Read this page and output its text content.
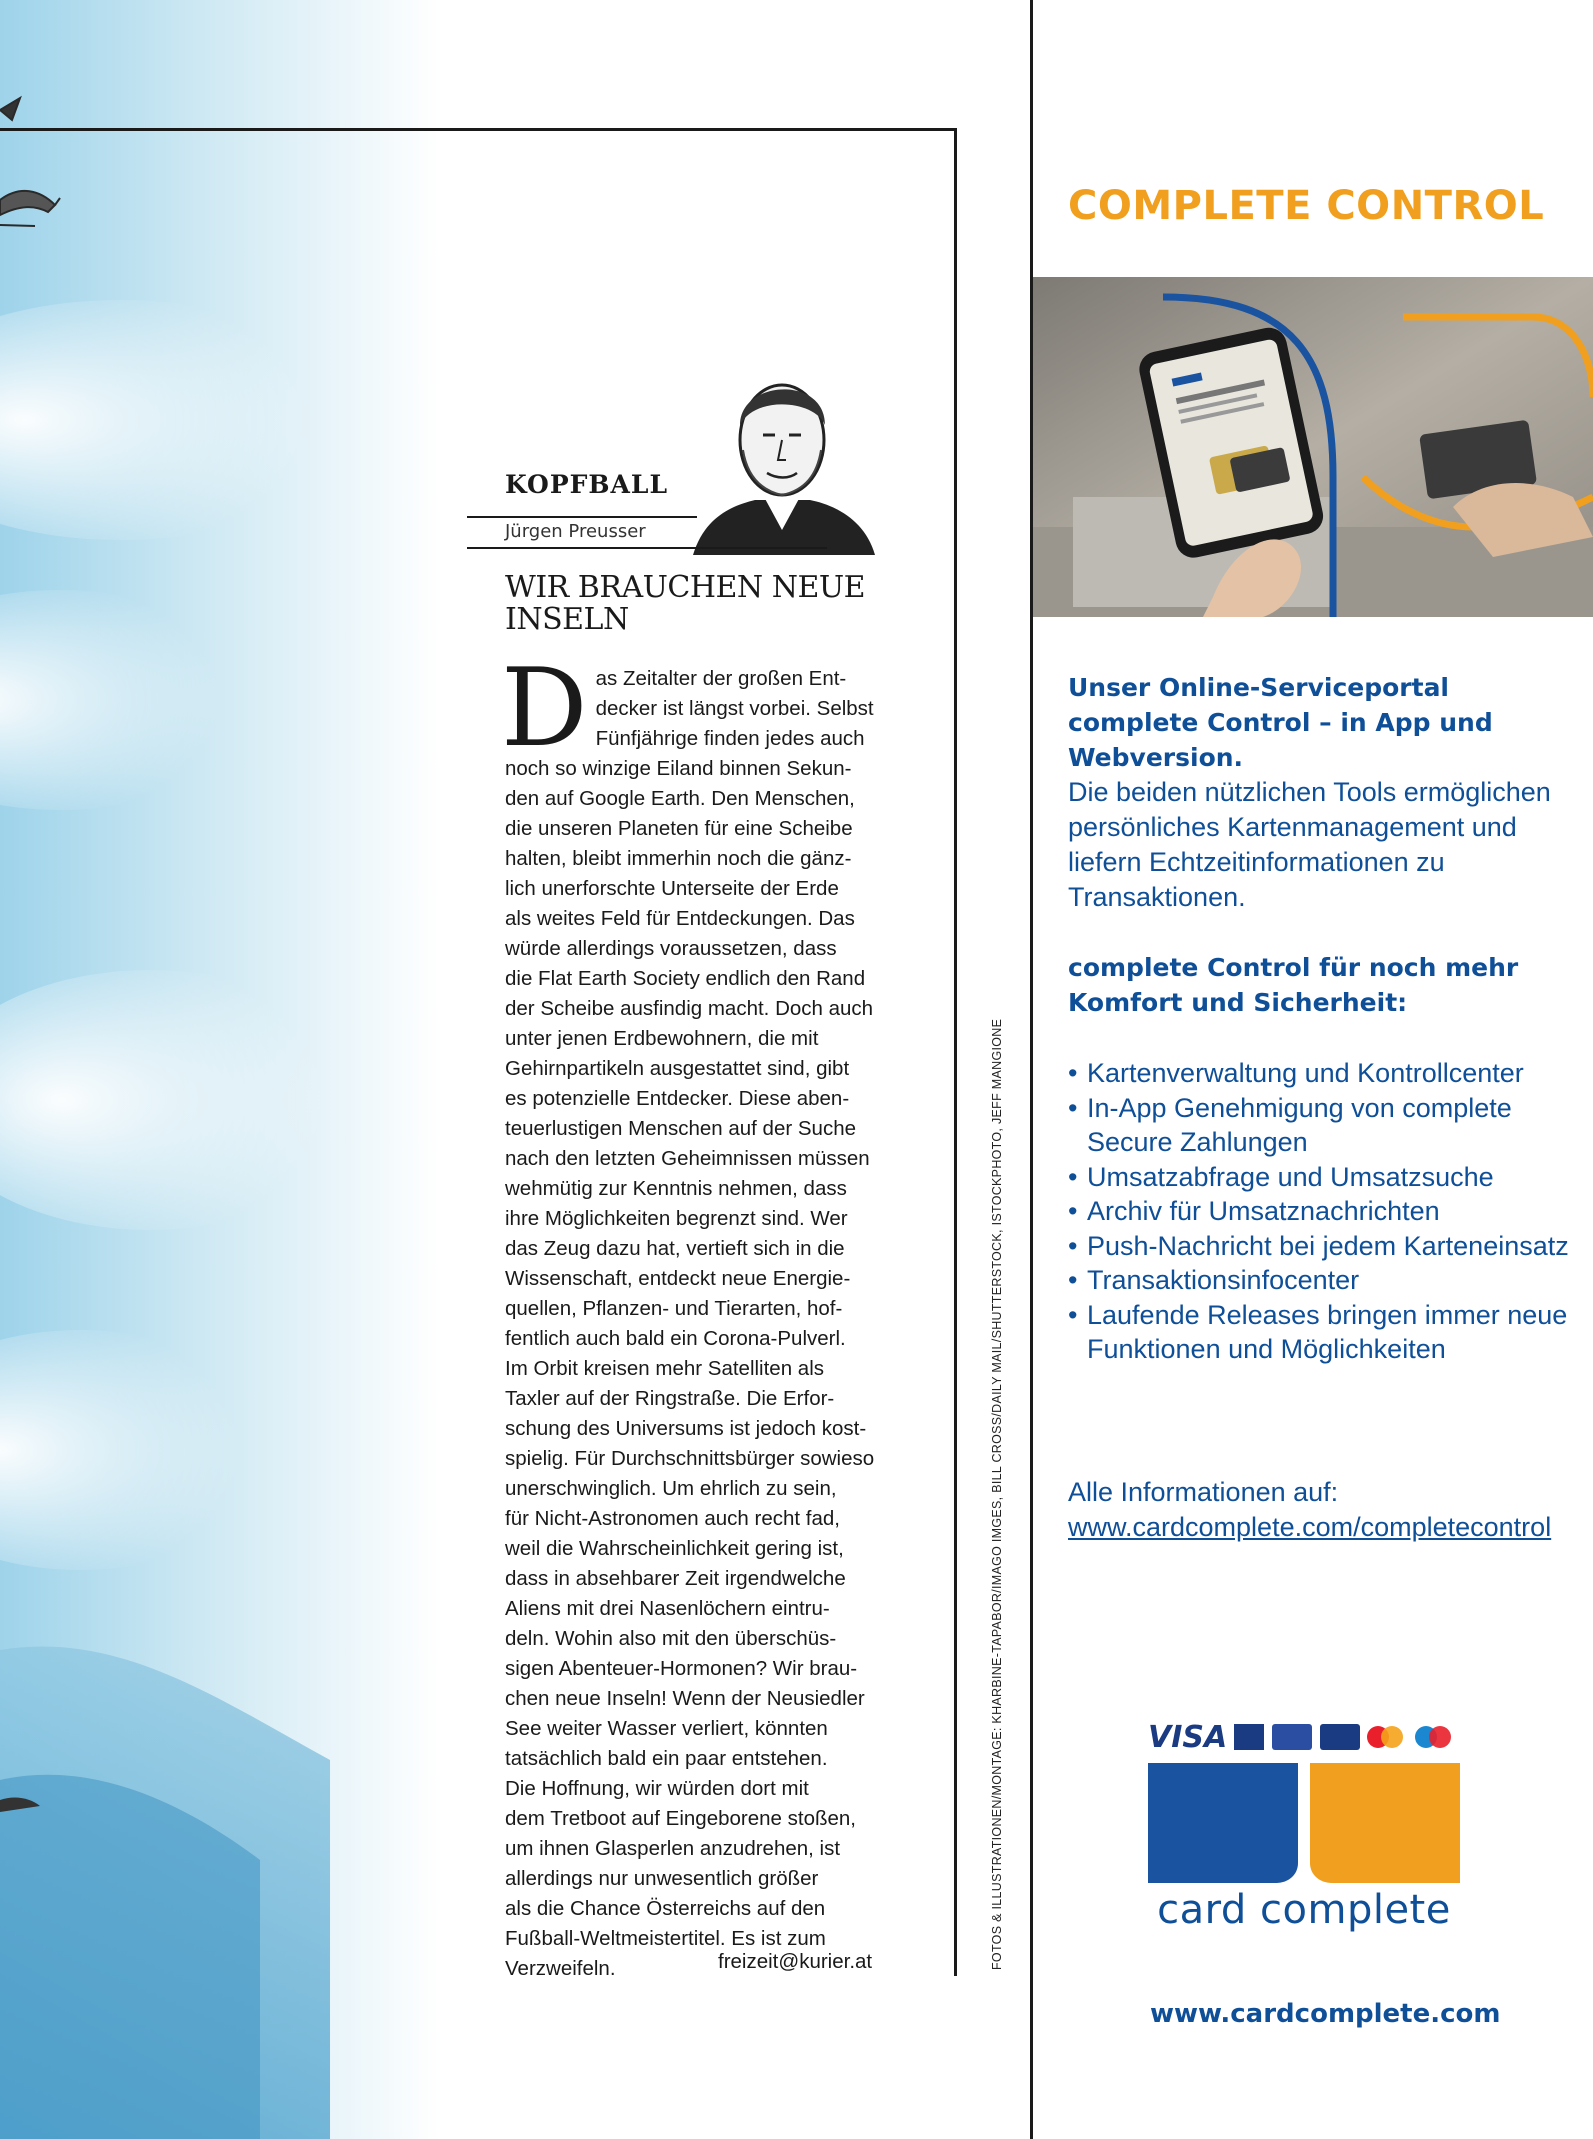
KOPFBALL
Jürgen Preusser
WIR BRAUCHEN NEUE INSELN
D as Zeitalter der großen Ent-
decker ist längst vorbei. Selbst
Fünfjährige finden jedes auch
noch so winzige Eiland binnen Sekun-
den auf Google Earth. Den Menschen,
die unseren Planeten für eine Scheibe
halten, bleibt immerhin noch die gänz-
lich unerforschte Unterseite der Erde
als weites Feld für Entdeckungen. Das
würde allerdings voraussetzen, dass
die Flat Earth Society endlich den Rand
der Scheibe ausfindig macht. Doch auch
unter jenen Erdbewohnern, die mit
Gehirnpartikeln ausgestattet sind, gibt
es potenzielle Entdecker. Diese aben-
teuerlustigen Menschen auf der Suche
nach den letzten Geheimnissen müssen
wehmütig zur Kenntnis nehmen, dass
ihre Möglichkeiten begrenzt sind. Wer
das Zeug dazu hat, vertieft sich in die
Wissenschaft, entdeckt neue Energie-
quellen, Pflanzen- und Tierarten, hof-
fentlich auch bald ein Corona-Pulverl.
Im Orbit kreisen mehr Satelliten als
Taxler auf der Ringstraße. Die Erfor-
schung des Universums ist jedoch kost-
spielig. Für Durchschnittsbürger sowieso
unerschwinglich. Um ehrlich zu sein,
für Nicht-Astronomen auch recht fad,
weil die Wahrscheinlichkeit gering ist,
dass in absehbarer Zeit irgendwelche
Aliens mit drei Nasenlöchern eintru-
deln. Wohin also mit den überschüs-
sigen Abenteuer-Hormonen? Wir brau-
chen neue Inseln! Wenn der Neusiedler
See weiter Wasser verliert, könnten
tatsächlich bald ein paar entstehen.
Die Hoffnung, wir würden dort mit
dem Tretboot auf Eingeborene stoßen,
um ihnen Glasperlen anzudrehen, ist
allerdings nur unwesentlich größer
als die Chance Österreichs auf den
Fußball-Weltmeistertitel. Es ist zum
Verzweifeln.	freizeit@kurier.at	FOTOS & ILLUSTRATIONEN/MONTAGE: KHARBINE-TAPABOR/IMAGO IMGES, BILL CROSS/DAILY MAIL/SHUTTERSTOCK, ISTOCKPHOTO, JEFF MANGIONE
COMPLETE CONTROL
Unser Online-Serviceportal complete Control – in App und Webversion.
Die beiden nützlichen Tools ermöglichen persönliches Kartenmanagement und liefern Echtzeitinformationen zu Transaktionen.
complete Control für noch mehr Komfort und Sicherheit:
• Kartenverwaltung und Kontrollcenter
• In-App Genehmigung von complete Secure Zahlungen
• Umsatzabfrage und Umsatzsuche
• Archiv für Umsatznachrichten
• Push-Nachricht bei jedem Karteneinsatz
• Transaktionsinfocenter
• Laufende Releases bringen immer neue Funktionen und Möglichkeiten
Alle Informationen auf:
www.cardcomplete.com/completecontrol
VISA
card complete
www.cardcomplete.com
